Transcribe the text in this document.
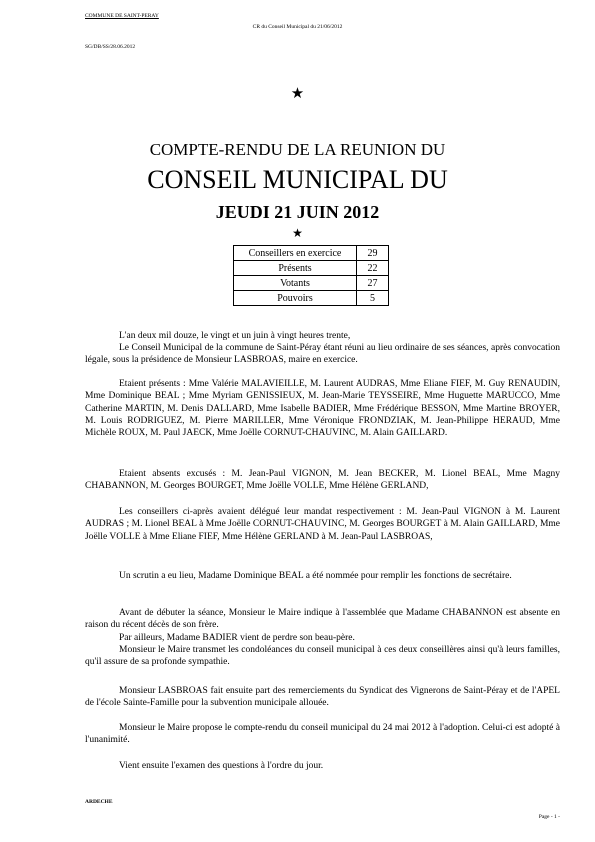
COMMUNE DE SAINT-PERAY
CR du Conseil Municipal du 21/06/2012
SG/DB/SS/28.06.2012
★
COMPTE-RENDU DE LA REUNION DU
CONSEIL MUNICIPAL DU
JEUDI 21 JUIN 2012
★
Conseillers en exercice	29
Présents	22
Votants	27
Pouvoirs	5
L'an deux mil douze, le vingt et un juin à vingt heures trente,
Le Conseil Municipal de la commune de Saint-Péray étant réuni au lieu ordinaire de ses séances, après convocation légale, sous la présidence de Monsieur LASBROAS, maire en exercice.
Etaient présents : Mme Valérie MALAVIEILLE, M. Laurent AUDRAS, Mme Eliane FIEF, M. Guy RENAUDIN, Mme Dominique BEAL ; Mme Myriam GENISSIEUX, M. Jean-Marie TEYSSEIRE, Mme Huguette MARUCCO, Mme Catherine MARTIN, M. Denis DALLARD, Mme Isabelle BADIER, Mme Frédérique BESSON, Mme Martine BROYER, M. Louis RODRIGUEZ, M. Pierre MARILLER, Mme Véronique FRONDZIAK, M. Jean-Philippe HERAUD, Mme Michèle ROUX, M. Paul JAECK, Mme Joëlle CORNUT-CHAUVINC, M. Alain GAILLARD.
Etaient absents excusés : M. Jean-Paul VIGNON, M. Jean BECKER, M. Lionel BEAL, Mme Magny CHABANNON, M. Georges BOURGET, Mme Joëlle VOLLE, Mme Hélène GERLAND,
Les conseillers ci-après avaient délégué leur mandat respectivement : M. Jean-Paul VIGNON à M. Laurent AUDRAS ; M. Lionel BEAL à Mme Joëlle CORNUT-CHAUVINC, M. Georges BOURGET à M. Alain GAILLARD, Mme Joëlle VOLLE à Mme Eliane FIEF, Mme Hélène GERLAND à M. Jean-Paul LASBROAS,
Un scrutin a eu lieu, Madame Dominique BEAL a été nommée pour remplir les fonctions de secrétaire.
Avant de débuter la séance, Monsieur le Maire indique à l'assemblée que Madame CHABANNON est absente en raison du récent décès de son frère.
Par ailleurs, Madame BADIER vient de perdre son beau-père.
Monsieur le Maire transmet les condoléances du conseil municipal à ces deux conseillères ainsi qu'à leurs familles, qu'il assure de sa profonde sympathie.
Monsieur LASBROAS fait ensuite part des remerciements du Syndicat des Vignerons de Saint-Péray et de l'APEL de l'école Sainte-Famille pour la subvention municipale allouée.
Monsieur le Maire propose le compte-rendu du conseil municipal du 24 mai 2012 à l'adoption. Celui-ci est adopté à l'unanimité.
Vient ensuite l'examen des questions à l'ordre du jour.
ARDECHE
Page - 1 -
